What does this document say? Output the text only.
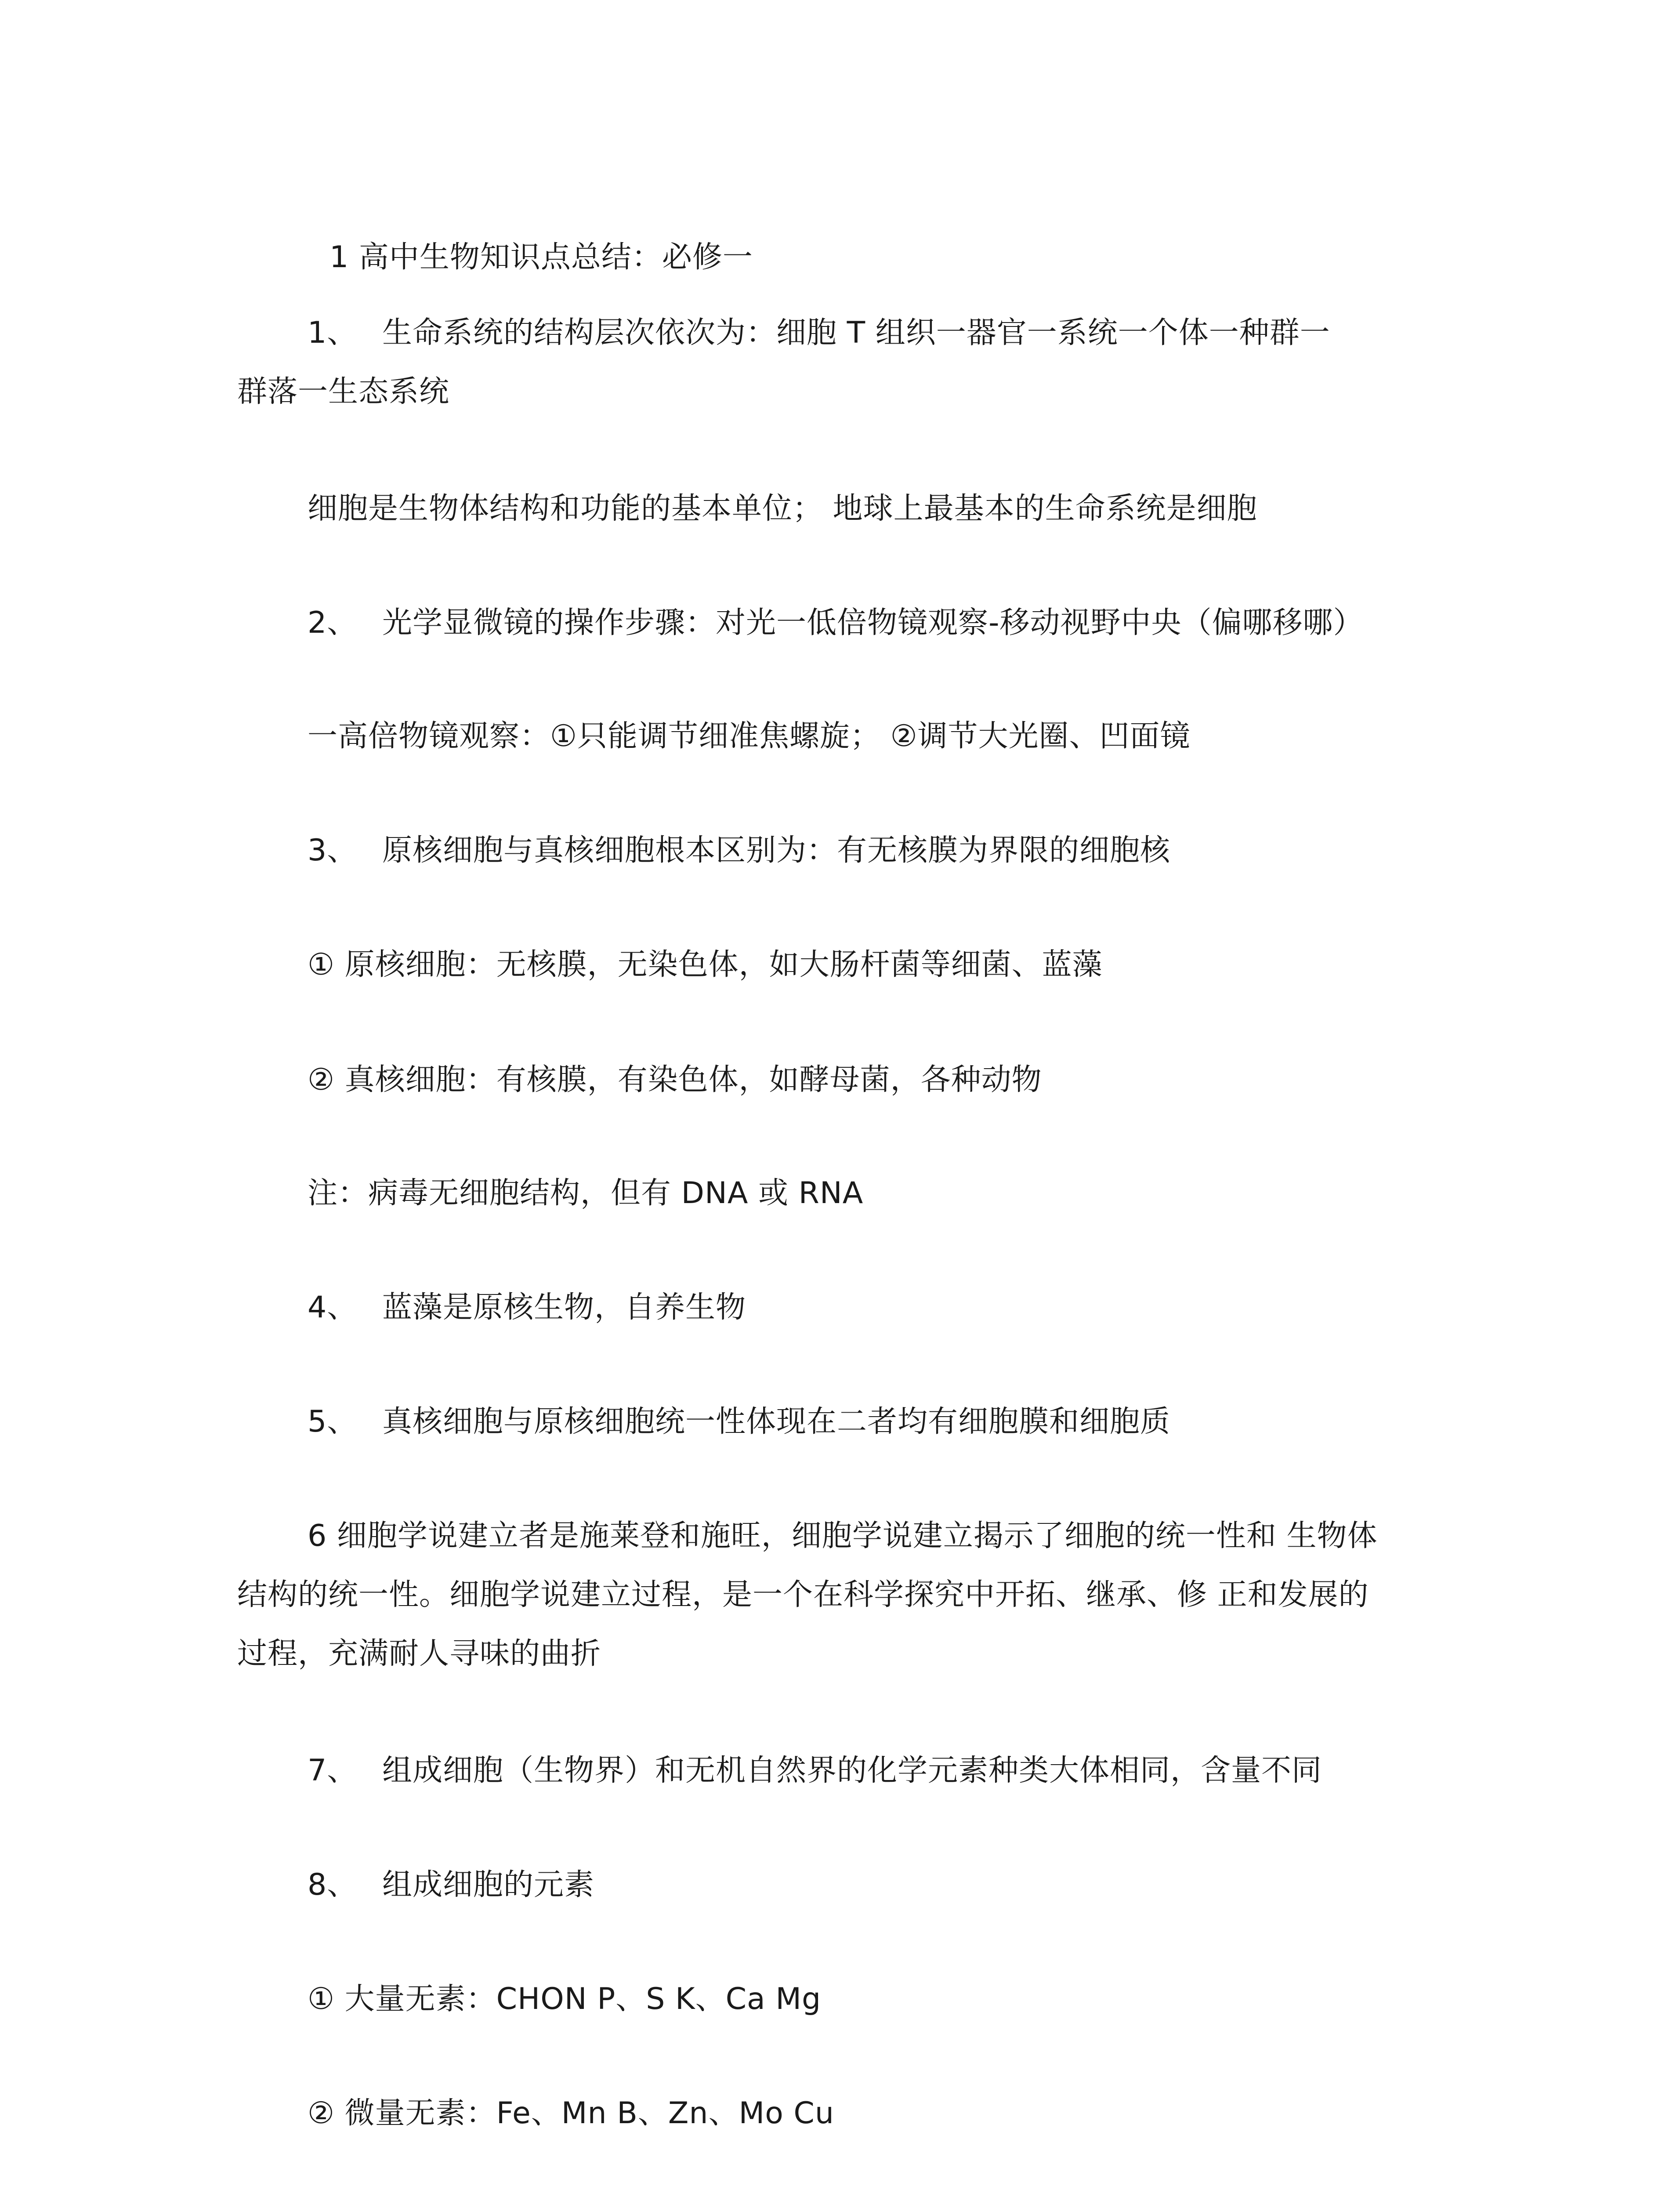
1 高中生物知识点总结：必修一
1、 生命系统的结构层次依次为：细胞 T 组织一器官一系统一个体一种群一
群落一生态系统
细胞是生物体结构和功能的基本单位； 地球上最基本的生命系统是细胞
2、 光学显微镜的操作步骤：对光一低倍物镜观察-移动视野中央（偏哪移哪）
一高倍物镜观察：①只能调节细准焦螺旋； ②调节大光圈、凹面镜
3、 原核细胞与真核细胞根本区别为：有无核膜为界限的细胞核
① 原核细胞：无核膜，无染色体，如大肠杆菌等细菌、蓝藻
② 真核细胞：有核膜，有染色体，如酵母菌，各种动物
注：病毒无细胞结构，但有 DNA 或 RNA
4、 蓝藻是原核生物，自养生物
5、 真核细胞与原核细胞统一性体现在二者均有细胞膜和细胞质
6 细胞学说建立者是施莱登和施旺，细胞学说建立揭示了细胞的统一性和 生物体
结构的统一性。细胞学说建立过程，是一个在科学探究中开拓、继承、修 正和发展的
过程，充满耐人寻味的曲折
7、 组成细胞（生物界）和无机自然界的化学元素种类大体相同，含量不同
8、 组成细胞的元素
① 大量无素：CHON P、S K、Ca Mg
② 微量无素：Fe、Mn B、Zn、Mo Cu
